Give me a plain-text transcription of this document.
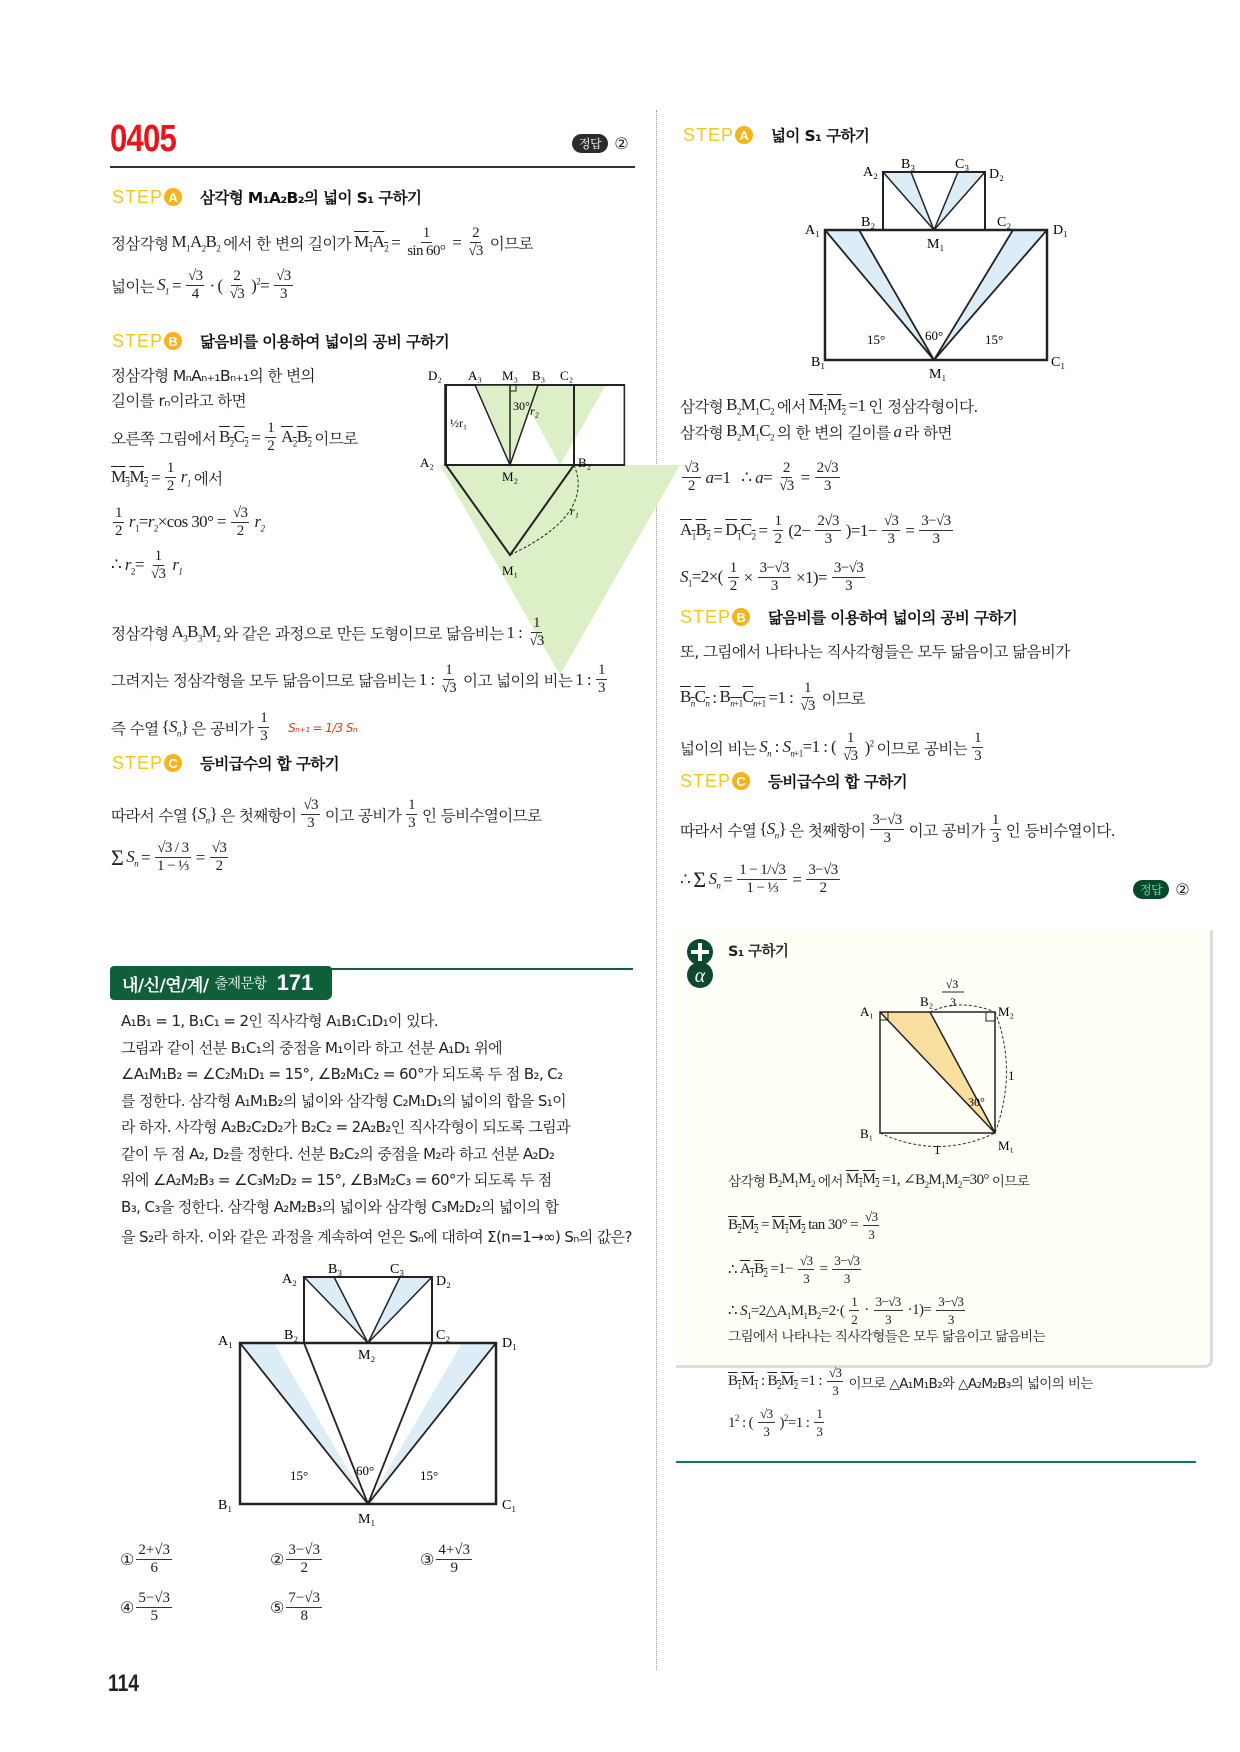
0405	정답 ②
STEP A 삼각형 M₁A₂B₂의 넓이 S₁ 구하기
정삼각형 $M_1A_2B_2$ 에서 한 변의 길이가 $M_1A_2 = \frac{1}{\sin 60^\circ} = \frac{2}{√3}$ 이므로
넓이는 $S_1 = \frac{√3}{4}$ · ( $\frac{2}{√3} )^2= \frac{√3}{3}$
STEP B 닮음비를 이용하여 넓이의 공비 구하기
정삼각형 MₙAₙ₊₁Bₙ₊₁의 한 변의
길이를 rₙ이라고 하면
오른쪽 그림에서 $B_2C_2 = \frac{1}{2} A_2B_2$ 이므로
$M_3M_2 = \frac{1}{2} r_1$ 에서
$\frac{1}{2} r_1=r_2\times\cos$ $30^\circ = \frac{√3}{2} r_2$
∴ $r_2= \frac{1}{√3} r_1$
D₂ A₃ M₃ B₃ C₂
A₂	B₂
M₂
M₁
30°
½r₁
r₂
r₁
정삼각형 $A_3B_3M_2$ 와 같은 과정으로 만든 도형이므로 닮음비는 1 : $\frac{1}{√3}$
그려지는 정삼각형을 모두 닮음이므로 닮음비는 1 : $\frac{1}{√3}$ 이고 넓이의 비는 1 : $\frac{1}{3}$
즉 수열 $\{S_n\}$ 은 공비가 $\frac{1}{3} S_{n+1} = 1/3$ Sₙ
STEP C 등비급수의 합 구하기
따라서 수열 $\{S_n\}$ 은 첫째항이 $\frac{√3}{3}$ 이고 공비가 $\frac{1}{3}$ 인 등비수열이므로
Σ $S_n = \frac{√3 / 3}{\text{1 − ⅓}} = \frac{√3}{2}$
내/신/연/계/ 출제문항 171
A₁B₁ = 1, B₁C₁ = 2인 직사각형 A₁B₁C₁D₁이 있다.
그림과 같이 선분 B₁C₁의 중점을 M₁이라 하고 선분 A₁D₁ 위에
∠A₁M₁B₂ = ∠C₂M₁D₁ = 15°, ∠B₂M₁C₂ = 60°가 되도록 두 점 B₂, C₂
를 정한다. 삼각형 A₁M₁B₂의 넓이와 삼각형 C₂M₁D₁의 넓이의 합을 S₁이
라 하자. 사각형 A₂B₂C₂D₂가 B₂C₂ = 2A₂B₂인 직사각형이 되도록 그림과
같이 두 점 A₂, D₂를 정한다. 선분 B₂C₂의 중점을 M₂라 하고 선분 A₂D₂
위에 ∠A₂M₂B₃ = ∠C₃M₂D₂ = 15°, ∠B₃M₂C₃ = 60°가 되도록 두 점
B₃, C₃을 정한다. 삼각형 A₂M₂B₃의 넓이와 삼각형 C₃M₂D₂의 넓이의 합
을 S₂라 하자. 이와 같은 과정을 계속하여 얻은 Sₙ에 대하여 Σ(n=1→∞) Sₙ의 값은?
A₂
B₃	C₃
D₂
A₁	B₂	C₂
D₁
M₂
15°	60°	15°
B₁
M₁
C₁
① $\frac{2+√3}{6}$	② $\frac{3-√3}{2}$	③ $\frac{4+√3}{9}$
④ $\frac{5-√3}{5}$	⑤ $\frac{7-√3}{8}$
114
STEP A 넓이 S₁ 구하기
A₂
B₃	C₃
D₂
A₁
B₂	C₂
D₁
M₁
15°	60°	15°
B₁
M₁
C₁
삼각형 $B_2M_1C_2$ 에서 $M_1M_2 =1$ 인 정삼각형이다.
삼각형 $B_2M_1C_2$ 의 한 변의 길이를 a 라 하면
$\frac{√3}{2} a=1$   ∴ $a= \frac{2}{√3} = \frac{2√3}{3}$
$A_1B_2 = D_1C_2 = \frac{1}{2} (2- \frac{2√3}{3} )=1- \frac{√3}{3} = \frac{3-√3}{3}$
$S_1=2\times( \frac{1}{2} \times \frac{3-√3}{3} \times 1)= \frac{3-√3}{3}$
STEP B 닮음비를 이용하여 넓이의 공비 구하기
또, 그림에서 나타나는 직사각형들은 모두 닮음이고 닮음비가
$B_nC_n$ : $B_{n+1}C_{n+1} =1$ : $\frac{1}{√3}$ 이므로
넓이의 비는 $S_n$ : $S_{n+1}=1$ : ( $\frac{1}{√3} )^2$ 이므로 공비는 $\frac{1}{3}$
STEP C 등비급수의 합 구하기
따라서 수열 $\{S_n\}$ 은 첫째항이 $\frac{3-√3}{3}$ 이고 공비가 $\frac{1}{3}$ 인 등비수열이다.
∴ Σ $S_n = \frac{1 - 1/√3}{\text{1 − ⅓}} = \frac{3-√3}{2}$	정답 ②
α
S₁ 구하기
√3
3
A₁
B₂
M₂
30°
1
B₁
1	M₁
삼각형 $B_2M_1M_2$ 에서 $M_1M_2 =1$, $\angle B_2M_1M_2=30^\circ$ 이므로
$B_2M_2 = M_1M_2$ $\tan 30^\circ = \frac{√3}{3}$
∴ $A_1B_2 =1- \frac{√3}{3} = \frac{3-√3}{3}$
∴ $S_1=2\triangle A_1M_1B_2=2\cdot( \frac{1}{2} \cdot \frac{3-√3}{3} \cdot 1)= \frac{3-√3}{3}$
그림에서 나타나는 직사각형들은 모두 닮음이고 닮음비는
$B_1M_1$ : $B_2M_2 =1$ : $\frac{√3}{3}$ 이므로 △A₁M₁B₂와 △A₂M₂B₃의 넓이의 비는
$1^2$ : ( $\frac{√3}{3} )^2=1$ : $\frac{1}{3}$
